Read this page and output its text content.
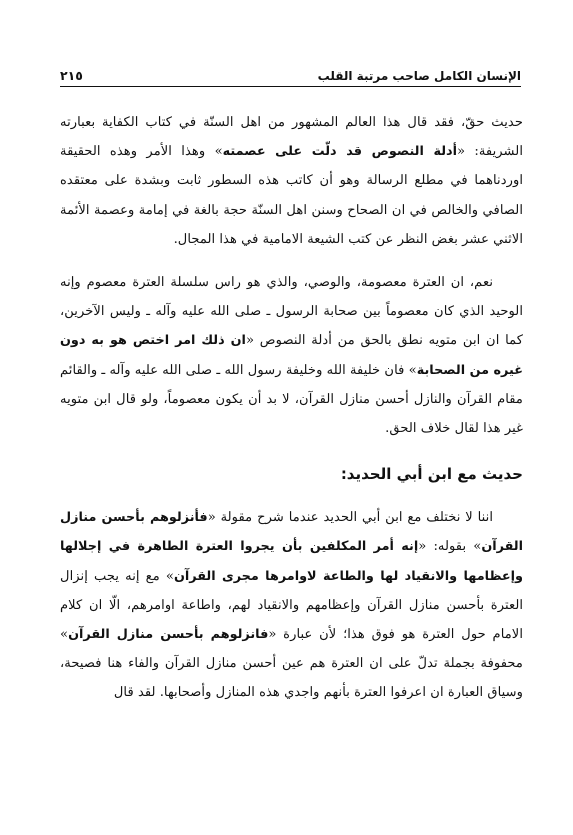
الإنسان الكامل صاحب مرتبة القلب
٢١٥

حديث حقّ، فقد قال هذا العالم المشهور من اهل السنّة في كتاب الكفاية بعبارته الشريفة: «أدلة النصوص قد دلّت على عصمته» وهذا الأمر وهذه الحقيقة اوردناهما في مطلع الرسالة وهو أن كاتب هذه السطور ثابت وبشدة على معتقده الصافي والخالص في ان الصحاح وسنن اهل السنّة حجة بالغة في إمامة وعصمة الأئمة الاثني عشر بغض النظر عن كتب الشيعة الامامية في هذا المجال.

نعم، ان العترة معصومة، والوصي، والذي هو راس سلسلة العترة معصوم وإنه الوحيد الذي كان معصوماً بين صحابة الرسول ـ صلى الله عليه وآله ـ وليس الآخرين، كما ان ابن متويه نطق بالحق من أدلة النصوص «ان ذلك امر اختص هو به دون غيره من الصحابة» فان خليفة الله وخليفة رسول الله ـ صلى الله عليه وآله ـ والقائم مقام القرآن والنازل أحسن منازل القرآن، لا بد أن يكون معصوماً، ولو قال ابن متويه غير هذا لقال خلاف الحق.

حديث مع ابن أبي الحديد:

اننا لا نختلف مع ابن أبي الحديد عندما شرح مقولة «فأنزلوهم بأحسن منازل القرآن» بقوله: «إنه أمر المكلفين بأن يجروا العترة الطاهرة في إجلالها وإعظامها والانقياد لها والطاعة لاوامرها مجرى القرآن» مع إنه يجب إنزال العترة بأحسن منازل القرآن وإعظامهم والانقياد لهم، واطاعة اوامرهم، الّا ان كلام الامام حول العترة هو فوق هذا؛ لأن عبارة «فانزلوهم بأحسن منازل القرآن» محفوفة بجملة تدلّ على ان العترة هم عين أحسن منازل القرآن والفاء هنا فصيحة، وسياق العبارة ان اعرفوا العترة بأنهم واجدي هذه المنازل وأصحابها. لقد قال
